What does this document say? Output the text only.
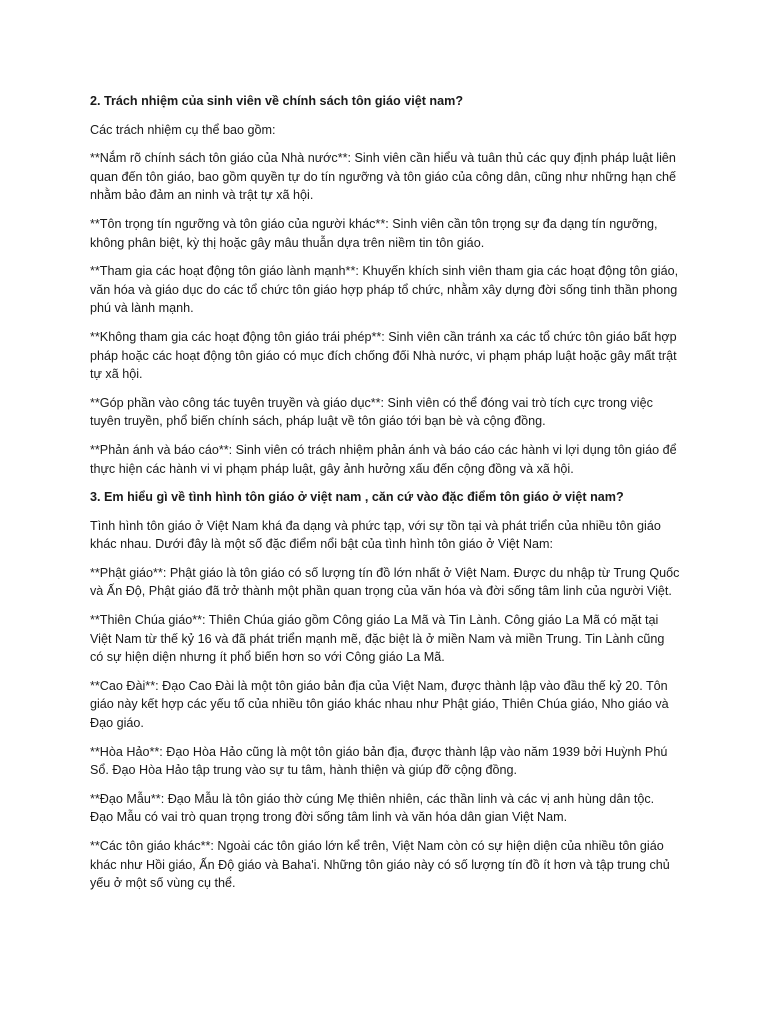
2. Trách nhiệm của sinh viên về chính sách tôn giáo việt nam?

Các trách nhiệm cụ thể bao gồm:

**Nắm rõ chính sách tôn giáo của Nhà nước**: Sinh viên cần hiểu và tuân thủ các quy định pháp luật liên quan đến tôn giáo, bao gồm quyền tự do tín ngưỡng và tôn giáo của công dân, cũng như những hạn chế nhằm bảo đảm an ninh và trật tự xã hội.

**Tôn trọng tín ngưỡng và tôn giáo của người khác**: Sinh viên cần tôn trọng sự đa dạng tín ngưỡng, không phân biệt, kỳ thị hoặc gây mâu thuẫn dựa trên niềm tin tôn giáo.

**Tham gia các hoạt động tôn giáo lành mạnh**: Khuyến khích sinh viên tham gia các hoạt động tôn giáo, văn hóa và giáo dục do các tổ chức tôn giáo hợp pháp tổ chức, nhằm xây dựng đời sống tinh thần phong phú và lành mạnh.

**Không tham gia các hoạt động tôn giáo trái phép**: Sinh viên cần tránh xa các tổ chức tôn giáo bất hợp pháp hoặc các hoạt động tôn giáo có mục đích chống đối Nhà nước, vi phạm pháp luật hoặc gây mất trật tự xã hội.

**Góp phần vào công tác tuyên truyền và giáo dục**: Sinh viên có thể đóng vai trò tích cực trong việc tuyên truyền, phổ biến chính sách, pháp luật về tôn giáo tới bạn bè và cộng đồng.

**Phản ánh và báo cáo**: Sinh viên có trách nhiệm phản ánh và báo cáo các hành vi lợi dụng tôn giáo để thực hiện các hành vi vi phạm pháp luật, gây ảnh hưởng xấu đến cộng đồng và xã hội.

3. Em hiểu gì về tình hình tôn giáo ở việt nam , căn cứ vào đặc điểm tôn giáo ở việt nam?

Tình hình tôn giáo ở Việt Nam khá đa dạng và phức tạp, với sự tồn tại và phát triển của nhiều tôn giáo khác nhau. Dưới đây là một số đặc điểm nổi bật của tình hình tôn giáo ở Việt Nam:

**Phật giáo**: Phật giáo là tôn giáo có số lượng tín đồ lớn nhất ở Việt Nam. Được du nhập từ Trung Quốc và Ấn Độ, Phật giáo đã trở thành một phần quan trọng của văn hóa và đời sống tâm linh của người Việt.

**Thiên Chúa giáo**: Thiên Chúa giáo gồm Công giáo La Mã và Tin Lành. Công giáo La Mã có mặt tại Việt Nam từ thế kỷ 16 và đã phát triển mạnh mẽ, đặc biệt là ở miền Nam và miền Trung. Tin Lành cũng có sự hiện diện nhưng ít phổ biến hơn so với Công giáo La Mã.

**Cao Đài**: Đạo Cao Đài là một tôn giáo bản địa của Việt Nam, được thành lập vào đầu thế kỷ 20. Tôn giáo này kết hợp các yếu tố của nhiều tôn giáo khác nhau như Phật giáo, Thiên Chúa giáo, Nho giáo và Đạo giáo.

**Hòa Hảo**: Đạo Hòa Hảo cũng là một tôn giáo bản địa, được thành lập vào năm 1939 bởi Huỳnh Phú Sổ. Đạo Hòa Hảo tập trung vào sự tu tâm, hành thiện và giúp đỡ cộng đồng.

**Đạo Mẫu**: Đạo Mẫu là tôn giáo thờ cúng Mẹ thiên nhiên, các thần linh và các vị anh hùng dân tộc. Đạo Mẫu có vai trò quan trọng trong đời sống tâm linh và văn hóa dân gian Việt Nam.

**Các tôn giáo khác**: Ngoài các tôn giáo lớn kể trên, Việt Nam còn có sự hiện diện của nhiều tôn giáo khác như Hồi giáo, Ấn Độ giáo và Baha'i. Những tôn giáo này có số lượng tín đồ ít hơn và tập trung chủ yếu ở một số vùng cụ thể.
